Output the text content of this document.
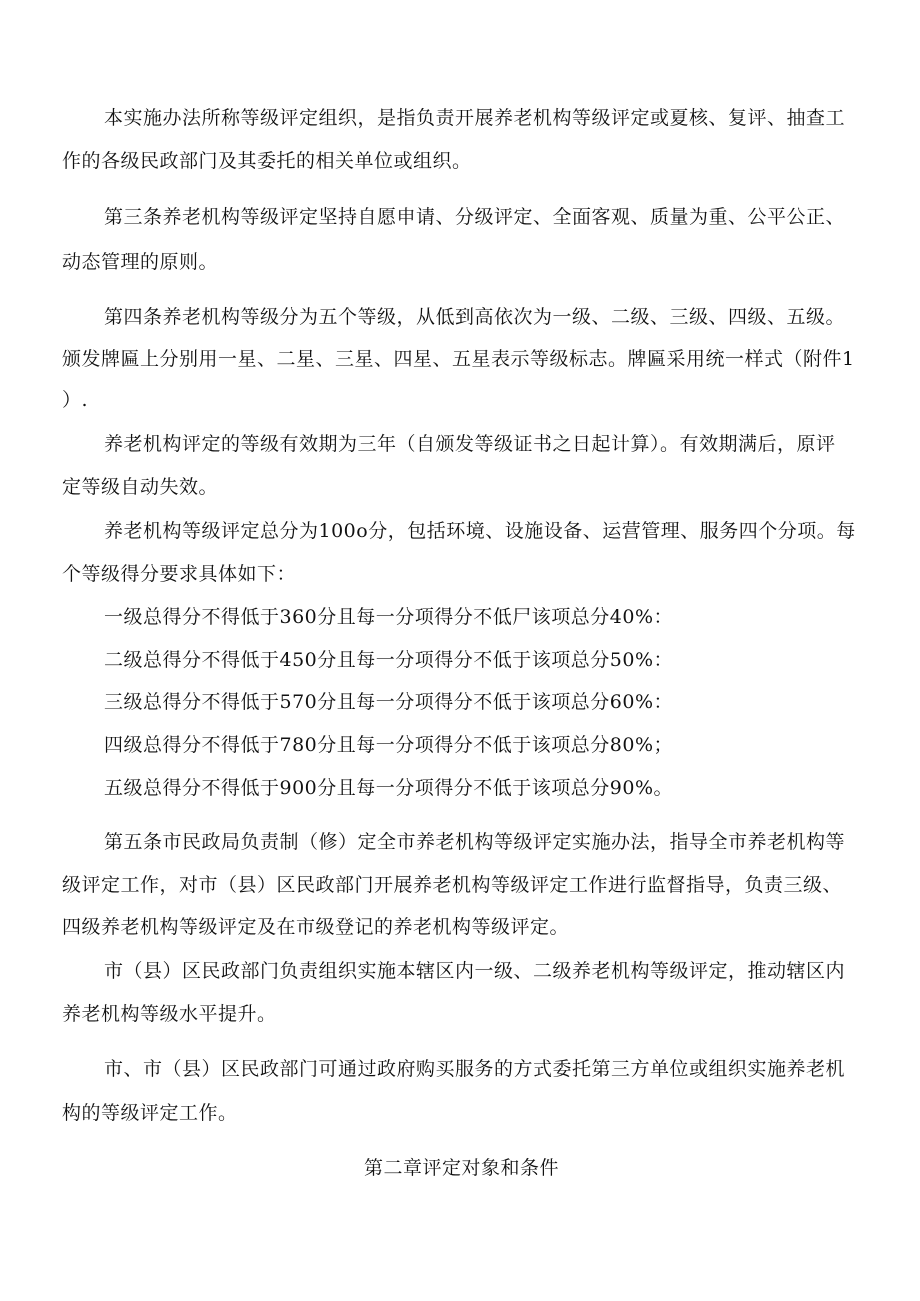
本实施办法所称等级评定组织，是指负责开展养老机构等级评定或夏核、复评、抽查工
作的各级民政部门及其委托的相关单位或组织。
第三条养老机构等级评定坚持自愿申请、分级评定、全面客观、质量为重、公平公正、
动态管理的原则。
第四条养老机构等级分为五个等级，从低到高依次为一级、二级、三级、四级、五级。
颁发牌匾上分别用一星、二星、三星、四星、五星表示等级标志。牌匾采用统一样式（附件1
）.
养老机构评定的等级有效期为三年（自颁发等级证书之日起计算）。有效期满后，原评
定等级自动失效。
养老机构等级评定总分为100o分，包括环境、设施设备、运营管理、服务四个分项。每
个等级得分要求具体如下：
一级总得分不得低于360分且每一分项得分不低尸该项总分40%：
二级总得分不得低于450分且每一分项得分不低于该项总分50%：
三级总得分不得低于570分且每一分项得分不低于该项总分60%：
四级总得分不得低于780分且每一分项得分不低于该项总分80%；
五级总得分不得低于900分且每一分项得分不低于该项总分90%。
第五条市民政局负责制（修）定全市养老机构等级评定实施办法，指导全市养老机构等
级评定工作，对市（县）区民政部门开展养老机构等级评定工作进行监督指导，负责三级、
四级养老机构等级评定及在市级登记的养老机构等级评定。
市（县）区民政部门负责组织实施本辖区内一级、二级养老机构等级评定，推动辖区内
养老机构等级水平提升。
市、市（县）区民政部门可通过政府购买服务的方式委托第三方单位或组织实施养老机
构的等级评定工作。
第二章评定对象和条件
